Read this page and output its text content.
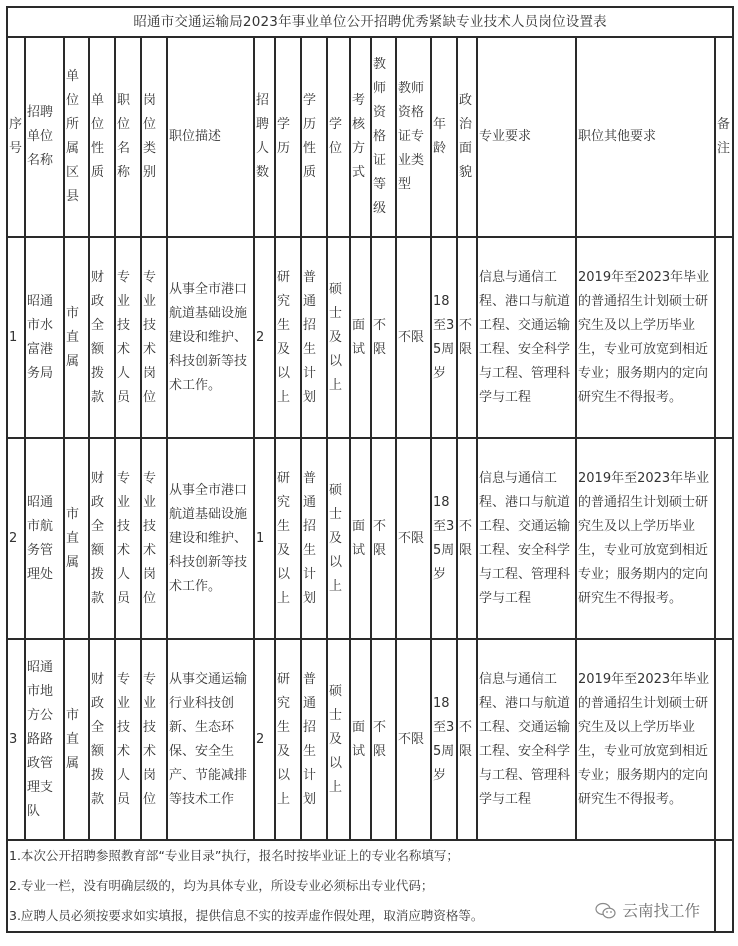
昭通市交通运输局2023年事业单位公开招聘优秀紧缺专业技术人员岗位设置表																		
序号	招聘单位名称	单位所属区县	单位性质	职位名称	岗位类别	职位描述	招聘人数	学历	学历性质	学位	考核方式	教师资格证等级	教师资格证专业类型	年龄	政治面貌	专业要求	职位其他要求	备注
1	昭通市水富港务局	市直属	财政全额拨款	专业技术人员	专业技术岗位	从事全市港口航道基础设施建设和维护、科技创新等技术工作。	2	研究生及以上	普通招生计划	硕士及以上	面试	不限	不限	18至35周岁	不限	信息与通信工程、港口与航道工程、交通运输工程、安全科学与工程、管理科学与工程	2019年至2023年毕业的普通招生计划硕士研究生及以上学历毕业生，专业可放宽到相近专业；服务期内的定向研究生不得报考。	
2	昭通市航务管理处	市直属	财政全额拨款	专业技术人员	专业技术岗位	从事全市港口航道基础设施建设和维护、科技创新等技术工作。	1	研究生及以上	普通招生计划	硕士及以上	面试	不限	不限	18至35周岁	不限	信息与通信工程、港口与航道工程、交通运输工程、安全科学与工程、管理科学与工程	2019年至2023年毕业的普通招生计划硕士研究生及以上学历毕业生，专业可放宽到相近专业；服务期内的定向研究生不得报考。	
3	昭通市地方公路路政管理支队	市直属	财政全额拨款	专业技术人员	专业技术岗位	从事交通运输行业科技创新、生态环保、安全生产、节能减排等技术工作	2	研究生及以上	普通招生计划	硕士及以上	面试	不限	不限	18至35周岁	不限	信息与通信工程、港口与航道工程、交通运输工程、安全科学与工程、管理科学与工程	2019年至2023年毕业的普通招生计划硕士研究生及以上学历毕业生，专业可放宽到相近专业；服务期内的定向研究生不得报考。	

1.本次公开招聘参照教育部“专业目录”执行，报名时按毕业证上的专业名称填写；
2.专业一栏，没有明确层级的，均为具体专业，所设专业必须标出专业代码；
3.应聘人员必须按要求如实填报，提供信息不实的按弄虚作假处理，取消应聘资格等。 云南找工作																		
